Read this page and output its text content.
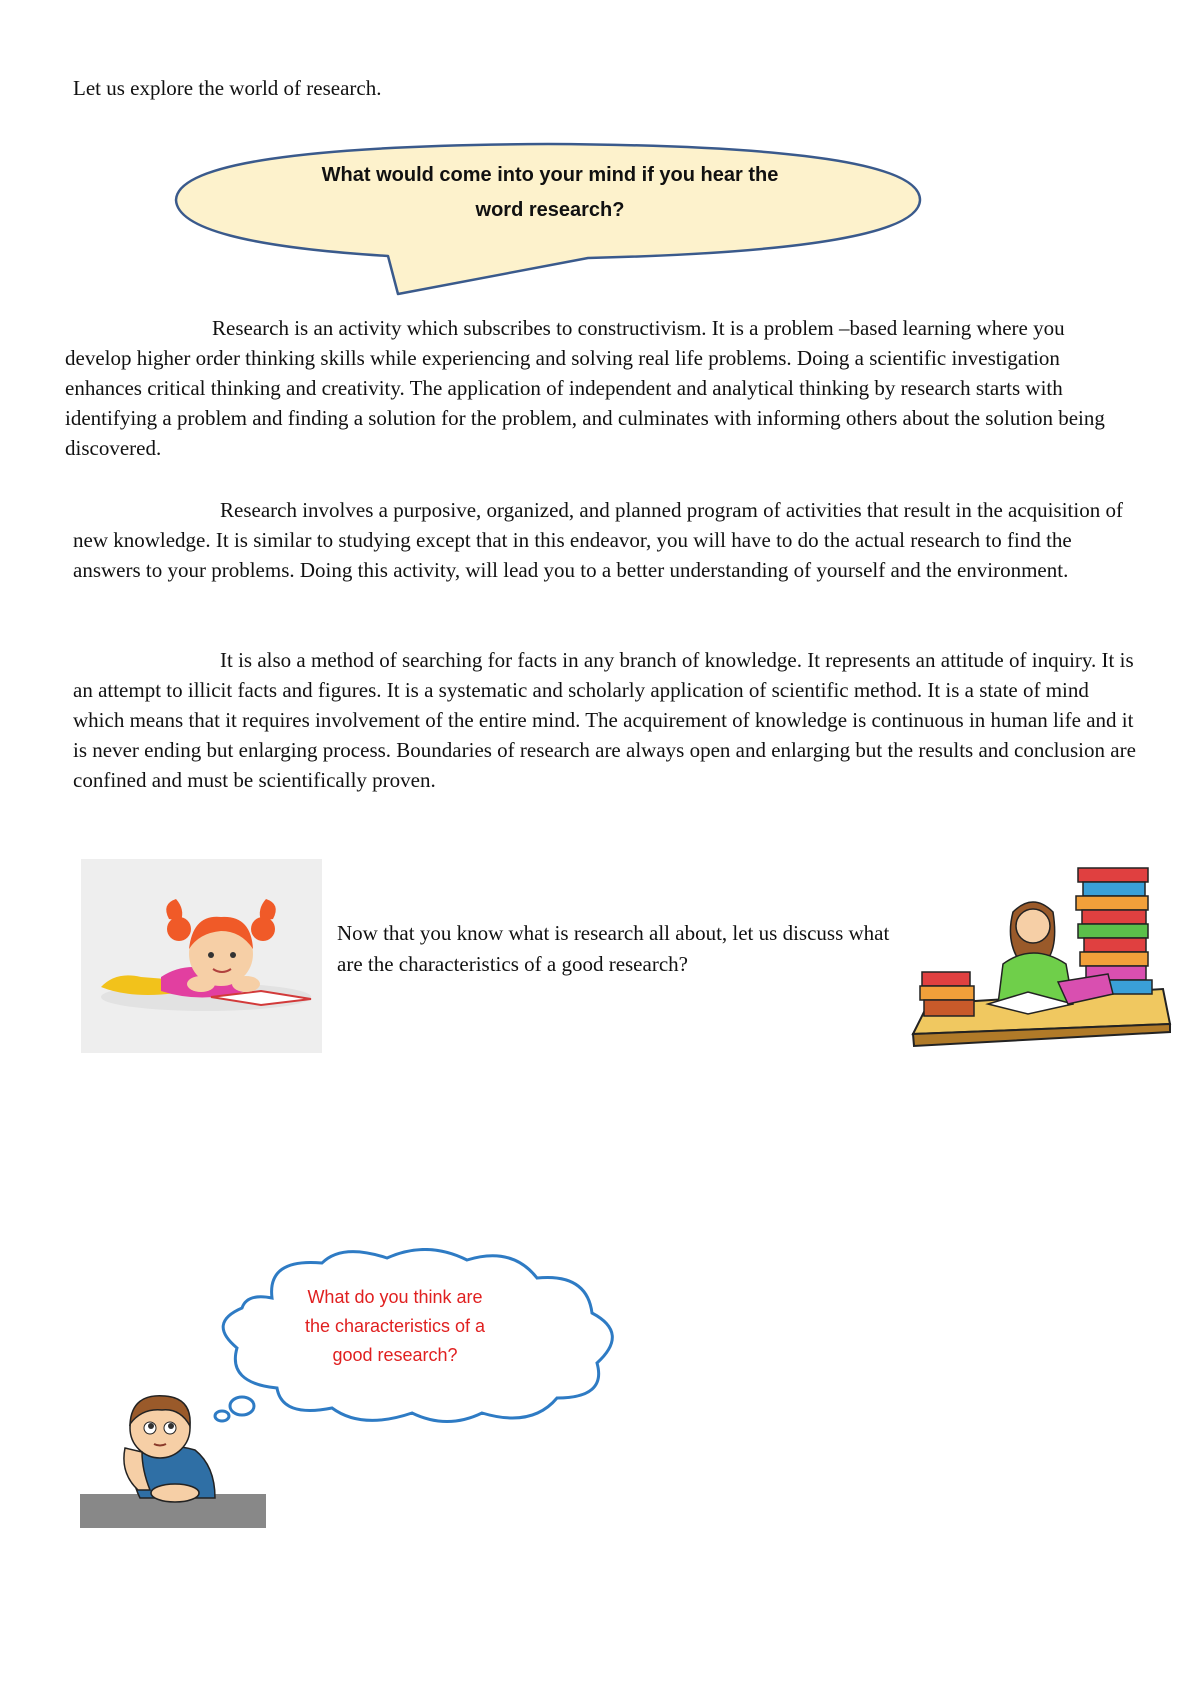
Let us explore the world of research.
What would come into your mind if you hear the
word research?

Research is an activity which subscribes to constructivism. It is a problem –based learning where you develop higher order thinking skills while experiencing and solving real life problems. Doing a scientific investigation enhances critical thinking and creativity. The application of independent and analytical thinking by research starts with identifying a problem and finding a solution for the problem, and culminates with informing others about the solution being discovered.

Research involves a purposive, organized, and planned program of activities that result in the acquisition of new knowledge. It is similar to studying except that in this endeavor, you will have to do the actual research to find the answers to your problems. Doing this activity, will lead you to a better understanding of yourself and the environment.

It is also a method of searching for facts in any branch of knowledge. It represents an attitude of inquiry. It is an attempt to illicit facts and figures. It is a systematic and scholarly application of scientific method. It is a state of mind which means that it requires involvement of the entire mind. The acquirement of knowledge is continuous in human life and it is never ending but enlarging process. Boundaries of research are always open and enlarging but the results and conclusion are confined and must be scientifically proven.

Now that you know what is research all about, let us discuss what are the characteristics of a good research?
What do you think are
the characteristics of a
good research?
